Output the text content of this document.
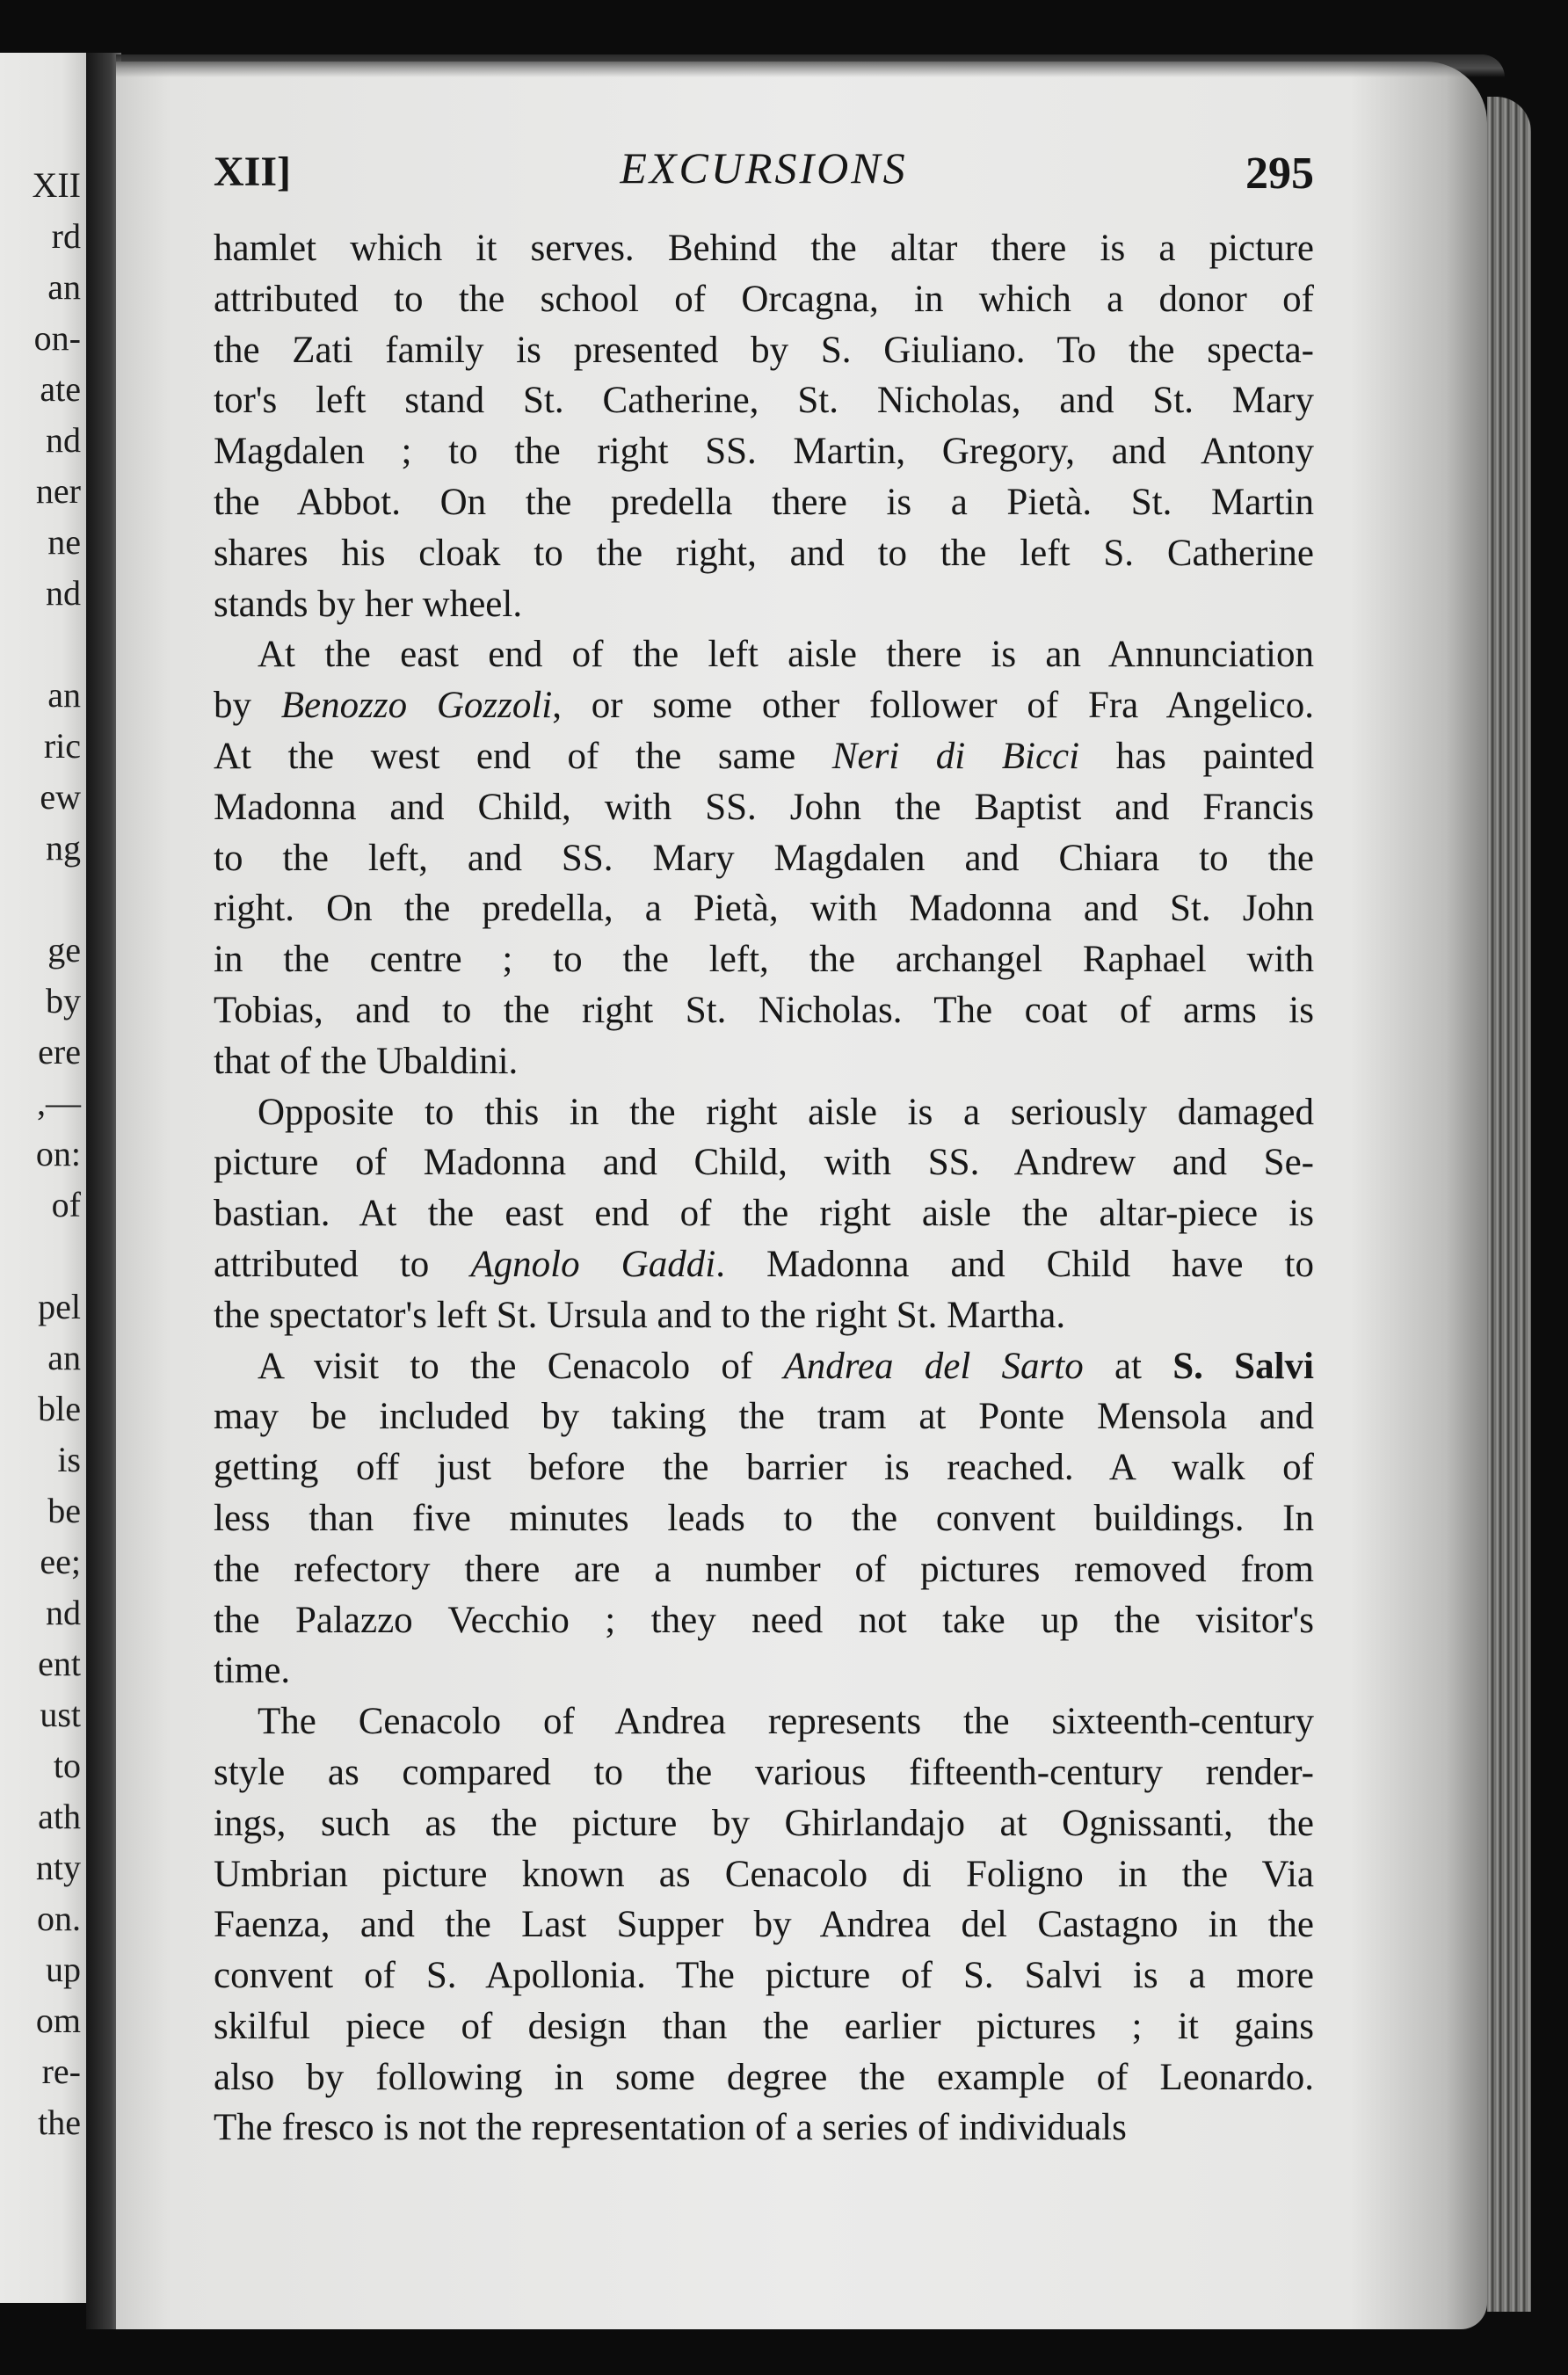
XII
rd
an
on-
ate
nd
ner
ne
nd
an
ric
ew
ng
ge
by
ere
,—
on:
of
pel
an
ble
is
be
ee;
nd
ent
ust
to
ath
nty
on.
up
om
re-
the
XII]	EXCURSIONS	295
hamlet which it serves. Behind the altar there is a picture
attributed to the school of Orcagna, in which a donor of
the Zati family is presented by S. Giuliano. To the specta-
tor's left stand St. Catherine, St. Nicholas, and St. Mary
Magdalen ; to the right SS. Martin, Gregory, and Antony
the Abbot. On the predella there is a Pietà. St. Martin
shares his cloak to the right, and to the left S. Catherine
stands by her wheel.
At the east end of the left aisle there is an Annunciation
by Benozzo Gozzoli, or some other follower of Fra Angelico.
At the west end of the same Neri di Bicci has painted
Madonna and Child, with SS. John the Baptist and Francis
to the left, and SS. Mary Magdalen and Chiara to the
right. On the predella, a Pietà, with Madonna and St. John
in the centre ; to the left, the archangel Raphael with
Tobias, and to the right St. Nicholas. The coat of arms is
that of the Ubaldini.
Opposite to this in the right aisle is a seriously damaged
picture of Madonna and Child, with SS. Andrew and Se-
bastian. At the east end of the right aisle the altar-piece is
attributed to Agnolo Gaddi. Madonna and Child have to
the spectator's left St. Ursula and to the right St. Martha.
A visit to the Cenacolo of Andrea del Sarto at S. Salvi
may be included by taking the tram at Ponte Mensola and
getting off just before the barrier is reached. A walk of
less than five minutes leads to the convent buildings. In
the refectory there are a number of pictures removed from
the Palazzo Vecchio ; they need not take up the visitor's
time.
The Cenacolo of Andrea represents the sixteenth-century
style as compared to the various fifteenth-century render-
ings, such as the picture by Ghirlandajo at Ognissanti, the
Umbrian picture known as Cenacolo di Foligno in the Via
Faenza, and the Last Supper by Andrea del Castagno in the
convent of S. Apollonia. The picture of S. Salvi is a more
skilful piece of design than the earlier pictures ; it gains
also by following in some degree the example of Leonardo.
The fresco is not the representation of a series of individuals
